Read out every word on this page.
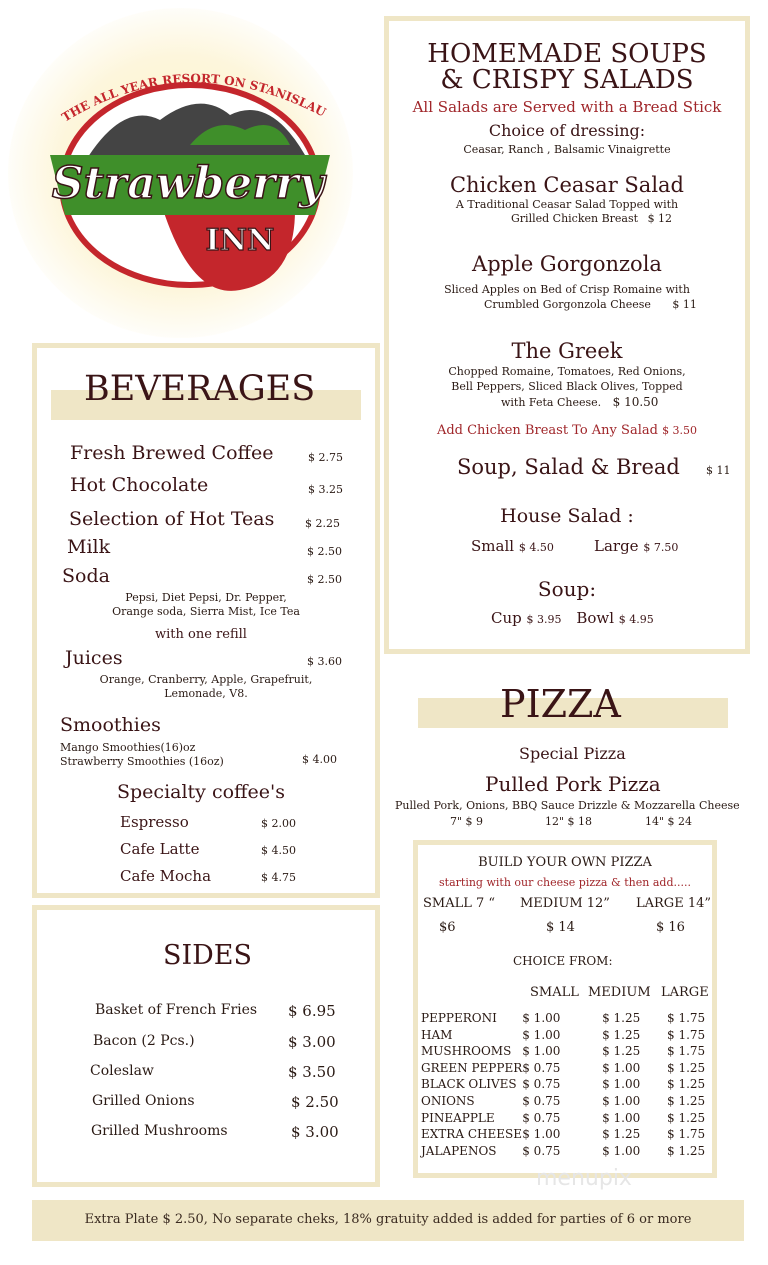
THE ALL YEAR RESORT ON STANISLAU
Strawberry
INN
HOMEMADE SOUPS
& CRISPY SALADS
All Salads are Served with a Bread Stick
Choice of dressing:
Ceasar, Ranch , Balsamic Vinaigrette
Chicken Ceasar Salad
A Traditional Ceasar Salad Topped with
Grilled Chicken Breast $ 12
Apple Gorgonzola
Sliced Apples on Bed of Crisp Romaine with
Crumbled Gorgonzola Cheese $ 11
The Greek
Chopped Romaine, Tomatoes, Red Onions,
Bell Peppers, Sliced Black Olives, Topped
with Feta Cheese. $ 10.50
Add Chicken Breast To Any Salad $ 3.50
Soup, Salad & Bread $ 11
House Salad :
Small $ 4.50	Large $ 7.50
Soup:
Cup $ 3.95 Bowl $ 4.95
BEVERAGES
Fresh Brewed Coffee	$ 2.75
Hot Chocolate	$ 3.25
Selection of Hot Teas	$ 2.25
Milk	$ 2.50
Soda	$ 2.50
Pepsi, Diet Pepsi, Dr. Pepper,
Orange soda, Sierra Mist, Ice Tea
with one refill
Juices	$ 3.60
Orange, Cranberry, Apple, Grapefruit,
Lemonade, V8.
Smoothies
Mango Smoothies(16)oz
Strawberry Smoothies (16oz)	$ 4.00
Specialty coffee's
Espresso	$ 2.00
Cafe Latte	$ 4.50
Cafe Mocha	$ 4.75
PIZZA
Special Pizza
Pulled Pork Pizza
Pulled Pork, Onions, BBQ Sauce Drizzle & Mozzarella Cheese
7" $ 9	12" $ 18	14" $ 24
BUILD YOUR OWN PIZZA
starting with our cheese pizza & then add.....
SMALL 7 “ MEDIUM 12” LARGE 14”
$6	$ 14	$ 16
CHOICE FROM:
SMALL MEDIUM LARGE
PEPPERONI	$ 1.00	$ 1.25	$ 1.75
HAM	$ 1.00	$ 1.25	$ 1.75
MUSHROOMS	$ 1.00	$ 1.25	$ 1.75
GREEN PEPPER	$ 0.75	$ 1.00	$ 1.25
BLACK OLIVES	$ 0.75	$ 1.00	$ 1.25
ONIONS	$ 0.75	$ 1.00	$ 1.25
PINEAPPLE	$ 0.75	$ 1.00	$ 1.25
EXTRA CHEESE	$ 1.00	$ 1.25	$ 1.75
JALAPENOS	$ 0.75	$ 1.00	$ 1.25
menupix
SIDES
Basket of French Fries $ 6.95
Bacon (2 Pcs.)	$ 3.00
Coleslaw	$ 3.50
Grilled Onions	$ 2.50
Grilled Mushrooms	$ 3.00
Extra Plate $ 2.50, No separate cheks, 18% gratuity added is added for parties of 6 or more
